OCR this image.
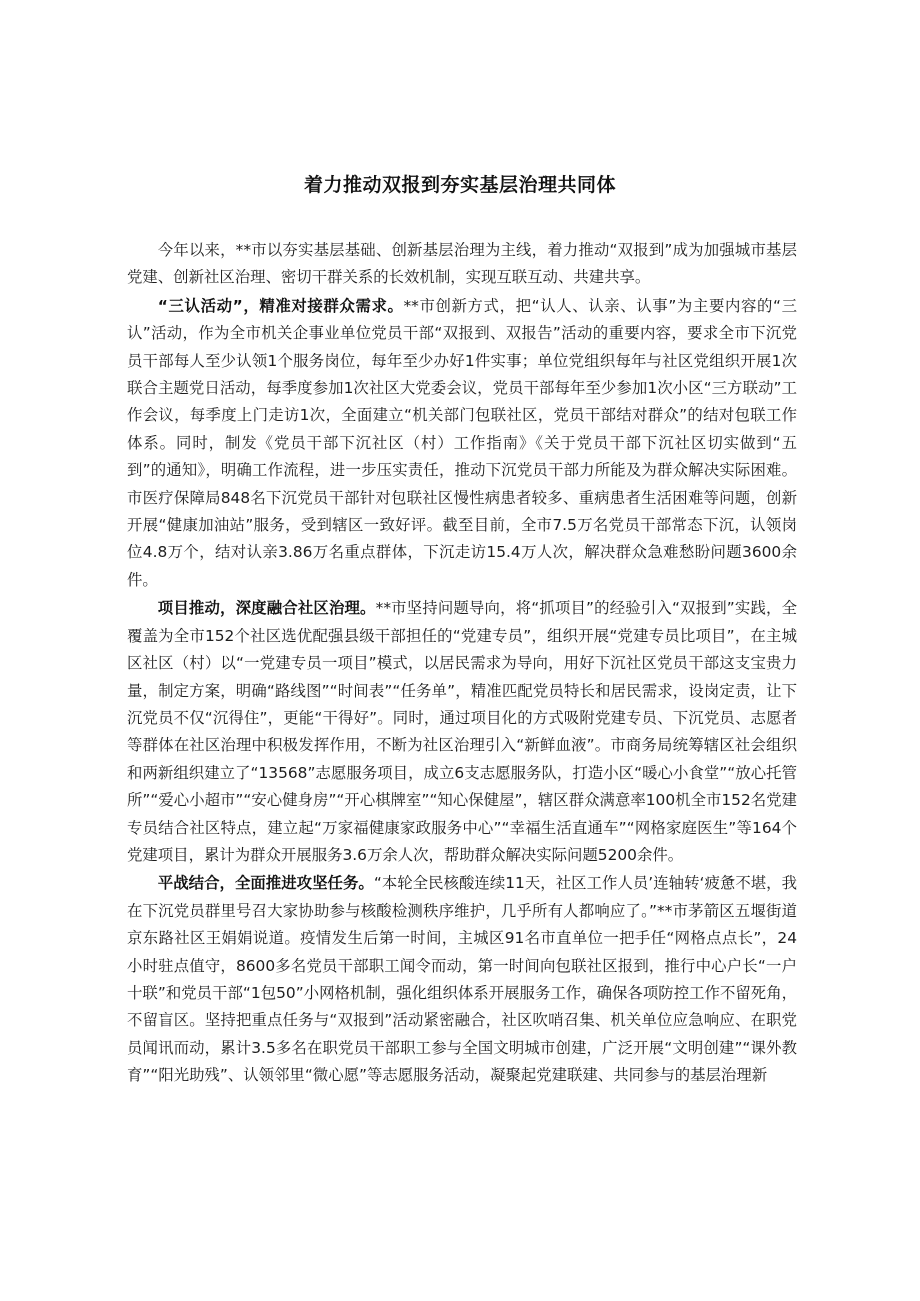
着力推动双报到夯实基层治理共同体

今年以来，**市以夯实基层基础、创新基层治理为主线，着力推动“双报到”成为加强城市基层党建、创新社区治理、密切干群关系的长效机制，实现互联互动、共建共享。

“三认活动”，精准对接群众需求。**市创新方式，把“认人、认亲、认事”为主要内容的“三认”活动，作为全市机关企事业单位党员干部“双报到、双报告”活动的重要内容，要求全市下沉党员干部每人至少认领1个服务岗位，每年至少办好1件实事；单位党组织每年与社区党组织开展1次联合主题党日活动，每季度参加1次社区大党委会议，党员干部每年至少参加1次小区“三方联动”工作会议，每季度上门走访1次，全面建立“机关部门包联社区，党员干部结对群众”的结对包联工作体系。同时，制发《党员干部下沉社区（村）工作指南》《关于党员干部下沉社区切实做到“五到”的通知》，明确工作流程，进一步压实责任，推动下沉党员干部力所能及为群众解决实际困难。市医疗保障局848名下沉党员干部针对包联社区慢性病患者较多、重病患者生活困难等问题，创新开展“健康加油站”服务，受到辖区一致好评。截至目前，全市7.5万名党员干部常态下沉，认领岗位4.8万个，结对认亲3.86万名重点群体，下沉走访15.4万人次，解决群众急难愁盼问题3600余件。

项目推动，深度融合社区治理。**市坚持问题导向，将“抓项目”的经验引入“双报到”实践，全覆盖为全市152个社区选优配强县级干部担任的“党建专员”，组织开展“党建专员比项目”，在主城区社区（村）以“一党建专员一项目”模式，以居民需求为导向，用好下沉社区党员干部这支宝贵力量，制定方案，明确“路线图”“时间表”“任务单”，精准匹配党员特长和居民需求，设岗定责，让下沉党员不仅“沉得住”，更能“干得好”。同时，通过项目化的方式吸附党建专员、下沉党员、志愿者等群体在社区治理中积极发挥作用，不断为社区治理引入“新鲜血液”。市商务局统筹辖区社会组织和两新组织建立了“13568”志愿服务项目，成立6支志愿服务队，打造小区“暖心小食堂”“放心托管所”“爱心小超市”“安心健身房”“开心棋牌室”“知心保健屋”，辖区群众满意率100机全市152名党建专员结合社区特点，建立起“万家福健康家政服务中心”“幸福生活直通车”“网格家庭医生”等164个党建项目，累计为群众开展服务3.6万余人次，帮助群众解决实际问题5200余件。

平战结合，全面推进攻坚任务。“本轮全民核酸连续11天，社区工作人员’连轴转‘疲惫不堪，我在下沉党员群里号召大家协助参与核酸检测秩序维护，几乎所有人都响应了。”**市茅箭区五堰街道京东路社区王娟娟说道。疫情发生后第一时间，主城区91名市直单位一把手任“网格点点长”，24小时驻点值守，8600多名党员干部职工闻令而动，第一时间向包联社区报到，推行中心户长“一户十联”和党员干部“1包50”小网格机制，强化组织体系开展服务工作，确保各项防控工作不留死角，不留盲区。坚持把重点任务与“双报到”活动紧密融合，社区吹哨召集、机关单位应急响应、在职党员闻讯而动，累计3.5多名在职党员干部职工参与全国文明城市创建，广泛开展“文明创建”“课外教育”“阳光助残”、认领邻里“微心愿”等志愿服务活动，凝聚起党建联建、共同参与的基层治理新
